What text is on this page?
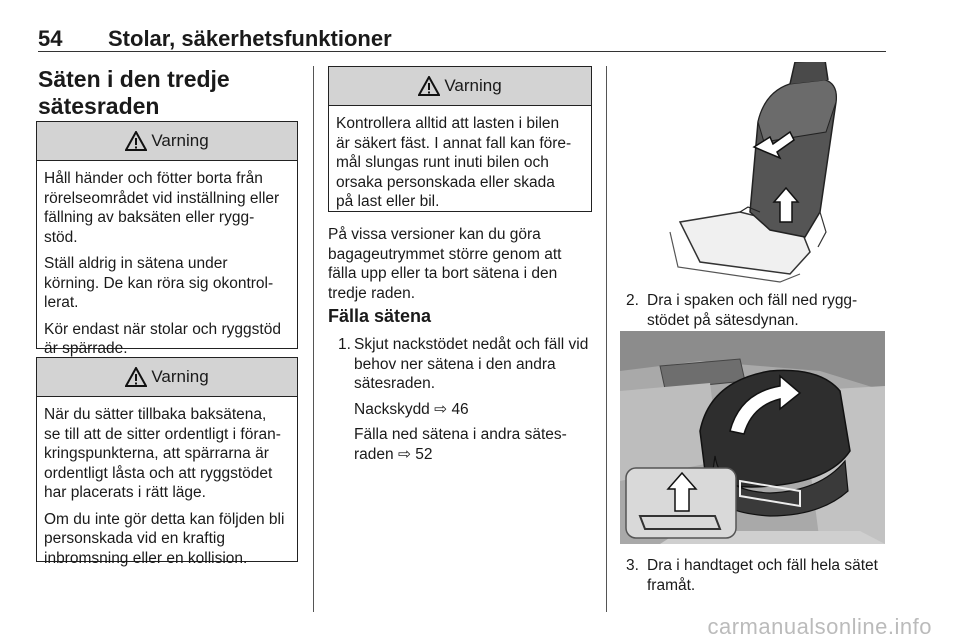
54 Stolar, säkerhetsfunktioner
Säten i den tredje
sätesraden
Varning

Håll händer och fötter borta från
rörelseområdet vid inställning eller
fällning av baksäten eller rygg-
stöd.

Ställ aldrig in sätena under
körning. De kan röra sig okontrol-
lerat.

Kör endast när stolar och ryggstöd
är spärrade.

Varning

När du sätter tillbaka baksätena,
se till att de sitter ordentligt i föran-
kringspunkterna, att spärrarna är
ordentligt låsta och att ryggstödet
har placerats i rätt läge.

Om du inte gör detta kan följden bli
personskada vid en kraftig
inbromsning eller en kollision.

Varning

Kontrollera alltid att lasten i bilen
är säkert fäst. I annat fall kan före-
mål slungas runt inuti bilen och
orsaka personskada eller skada
på last eller bil.

På vissa versioner kan du göra
bagageutrymmet större genom att
fälla upp eller ta bort sätena i den
tredje raden.

Fälla sätena
1. Skjut nackstödet nedåt och fäll vid
behov ner sätena i den andra
sätesraden.
Nackskydd ⇨ 46
Fälla ned sätena i andra sätes-
raden ⇨ 52
2. Dra i spaken och fäll ned rygg-
stödet på sätesdynan.
3. Dra i handtaget och fäll hela sätet
framåt.
carmanualsonline.info
